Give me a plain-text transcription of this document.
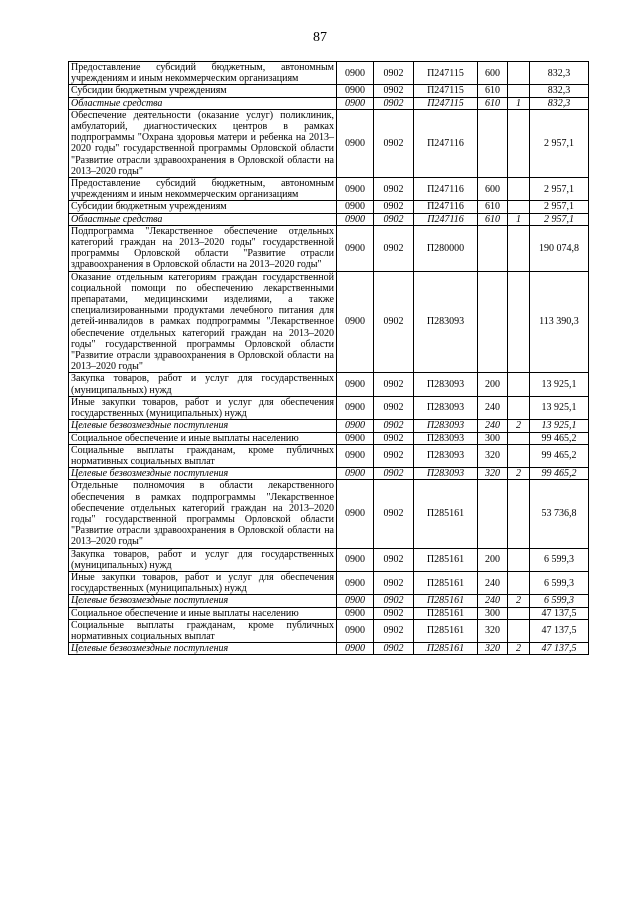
87
Предоставление субсидий бюджетным, автономным учреждениям и иным некоммерческим организациям	0900	0902	П247115	600		832,3
Субсидии бюджетным учреждениям	0900	0902	П247115	610		832,3
Областные средства	0900	0902	П247115	610	1	832,3
Обеспечение деятельности (оказание услуг) поликлиник, амбулаторий, диагностических центров в рамках подпрограммы "Охрана здоровья матери и ребенка на 2013–2020 годы" государственной программы Орловской области "Развитие отрасли здравоохранения в Орловской области на 2013–2020 годы"	0900	0902	П247116			2 957,1
Предоставление субсидий бюджетным, автономным учреждениям и иным некоммерческим организациям	0900	0902	П247116	600		2 957,1
Субсидии бюджетным учреждениям	0900	0902	П247116	610		2 957,1
Областные средства	0900	0902	П247116	610	1	2 957,1
Подпрограмма "Лекарственное обеспечение отдельных категорий граждан на 2013–2020 годы" государственной программы Орловской области "Развитие отрасли здравоохранения в Орловской области на 2013–2020 годы"	0900	0902	П280000			190 074,8
Оказание отдельным категориям граждан государственной социальной помощи по обеспечению лекарственными препаратами, медицинскими изделиями, а также специализированными продуктами лечебного питания для детей-инвалидов в рамках подпрограммы "Лекарственное обеспечение отдельных категорий граждан на 2013–2020 годы" государственной программы Орловской области "Развитие отрасли здравоохранения в Орловской области на 2013–2020 годы"	0900	0902	П283093			113 390,3
Закупка товаров, работ и услуг для государственных (муниципальных) нужд	0900	0902	П283093	200		13 925,1
Иные закупки товаров, работ и услуг для обеспечения государственных (муниципальных) нужд	0900	0902	П283093	240		13 925,1
Целевые безвозмездные поступления	0900	0902	П283093	240	2	13 925,1
Социальное обеспечение и иные выплаты населению	0900	0902	П283093	300		99 465,2
Социальные выплаты гражданам, кроме публичных нормативных социальных выплат	0900	0902	П283093	320		99 465,2
Целевые безвозмездные поступления	0900	0902	П283093	320	2	99 465,2
Отдельные полномочия в области лекарственного обеспечения в рамках подпрограммы "Лекарственное обеспечение отдельных категорий граждан на 2013–2020 годы" государственной программы Орловской области "Развитие отрасли здравоохранения в Орловской области на 2013–2020 годы"	0900	0902	П285161			53 736,8
Закупка товаров, работ и услуг для государственных (муниципальных) нужд	0900	0902	П285161	200		6 599,3
Иные закупки товаров, работ и услуг для обеспечения государственных (муниципальных) нужд	0900	0902	П285161	240		6 599,3
Целевые безвозмездные поступления	0900	0902	П285161	240	2	6 599,3
Социальное обеспечение и иные выплаты населению	0900	0902	П285161	300		47 137,5
Социальные выплаты гражданам, кроме публичных нормативных социальных выплат	0900	0902	П285161	320		47 137,5
Целевые безвозмездные поступления	0900	0902	П285161	320	2	47 137,5
